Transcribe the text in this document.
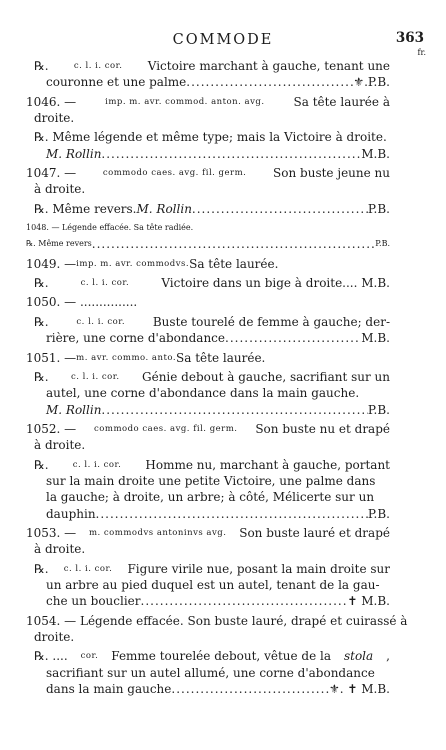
COMMODE	363
fr.
℞.	c. l. i. cor. Victoire marchant à gauche, tenant une
couronne et une palme .....	⚜.P.B.
1046. —	imp. m. avr. commod. anton. avg. Sa tête laurée à
droite.
℞. Même légende et même type; mais la Victoire à droite.
M. Rollin .....	M.B.
1047. —	commodo caes. avg. fil. germ. Son buste jeune nu
à droite.
℞. Même revers. M. Rollin .....	P.B.
1048. — Légende effacée. Sa tête radiée.
℞. Même revers .....	P.B.
1049. — imp. m. avr. commodvs. Sa tête laurée.
℞.	c. l. i. cor.	Victoire dans un bige à droite.... M.B.
1050. — ...............
℞.	c. l. i. cor. Buste tourelé de femme à gauche; der-
rière, une corne d'abondance .....	M.B.
1051. — m. avr. commo. anto. Sa tête laurée.
℞.	c. l. i. cor. Génie debout à gauche, sacrifiant sur un
autel, une corne d'abondance dans la main gauche.
M. Rollin .....	P.B.
1052. — commodo caes. avg. fil. germ. Son buste nu et drapé
à droite.
℞.	c. l. i. cor. Homme nu, marchant à gauche, portant
sur la main droite une petite Victoire, une palme dans
la gauche; à droite, un arbre; à côté, Mélicerte sur un
dauphin .....	P.B.
1053. — m. commodvs antoninvs avg. Son buste lauré et drapé
à droite.
℞. c. l. i. cor. Figure virile nue, posant la main droite sur
un arbre au pied duquel est un autel, tenant de la gau-
che un bouclier .....	✝ M.B.
1054. — Légende effacée. Son buste lauré, drapé et cuirassé à
droite.
℞. .... cor. Femme tourelée debout, vêtue de la stola ,
sacrifiant sur un autel allumé, une corne d'abondance
dans la main gauche .....	⚜. ✝ M.B.
